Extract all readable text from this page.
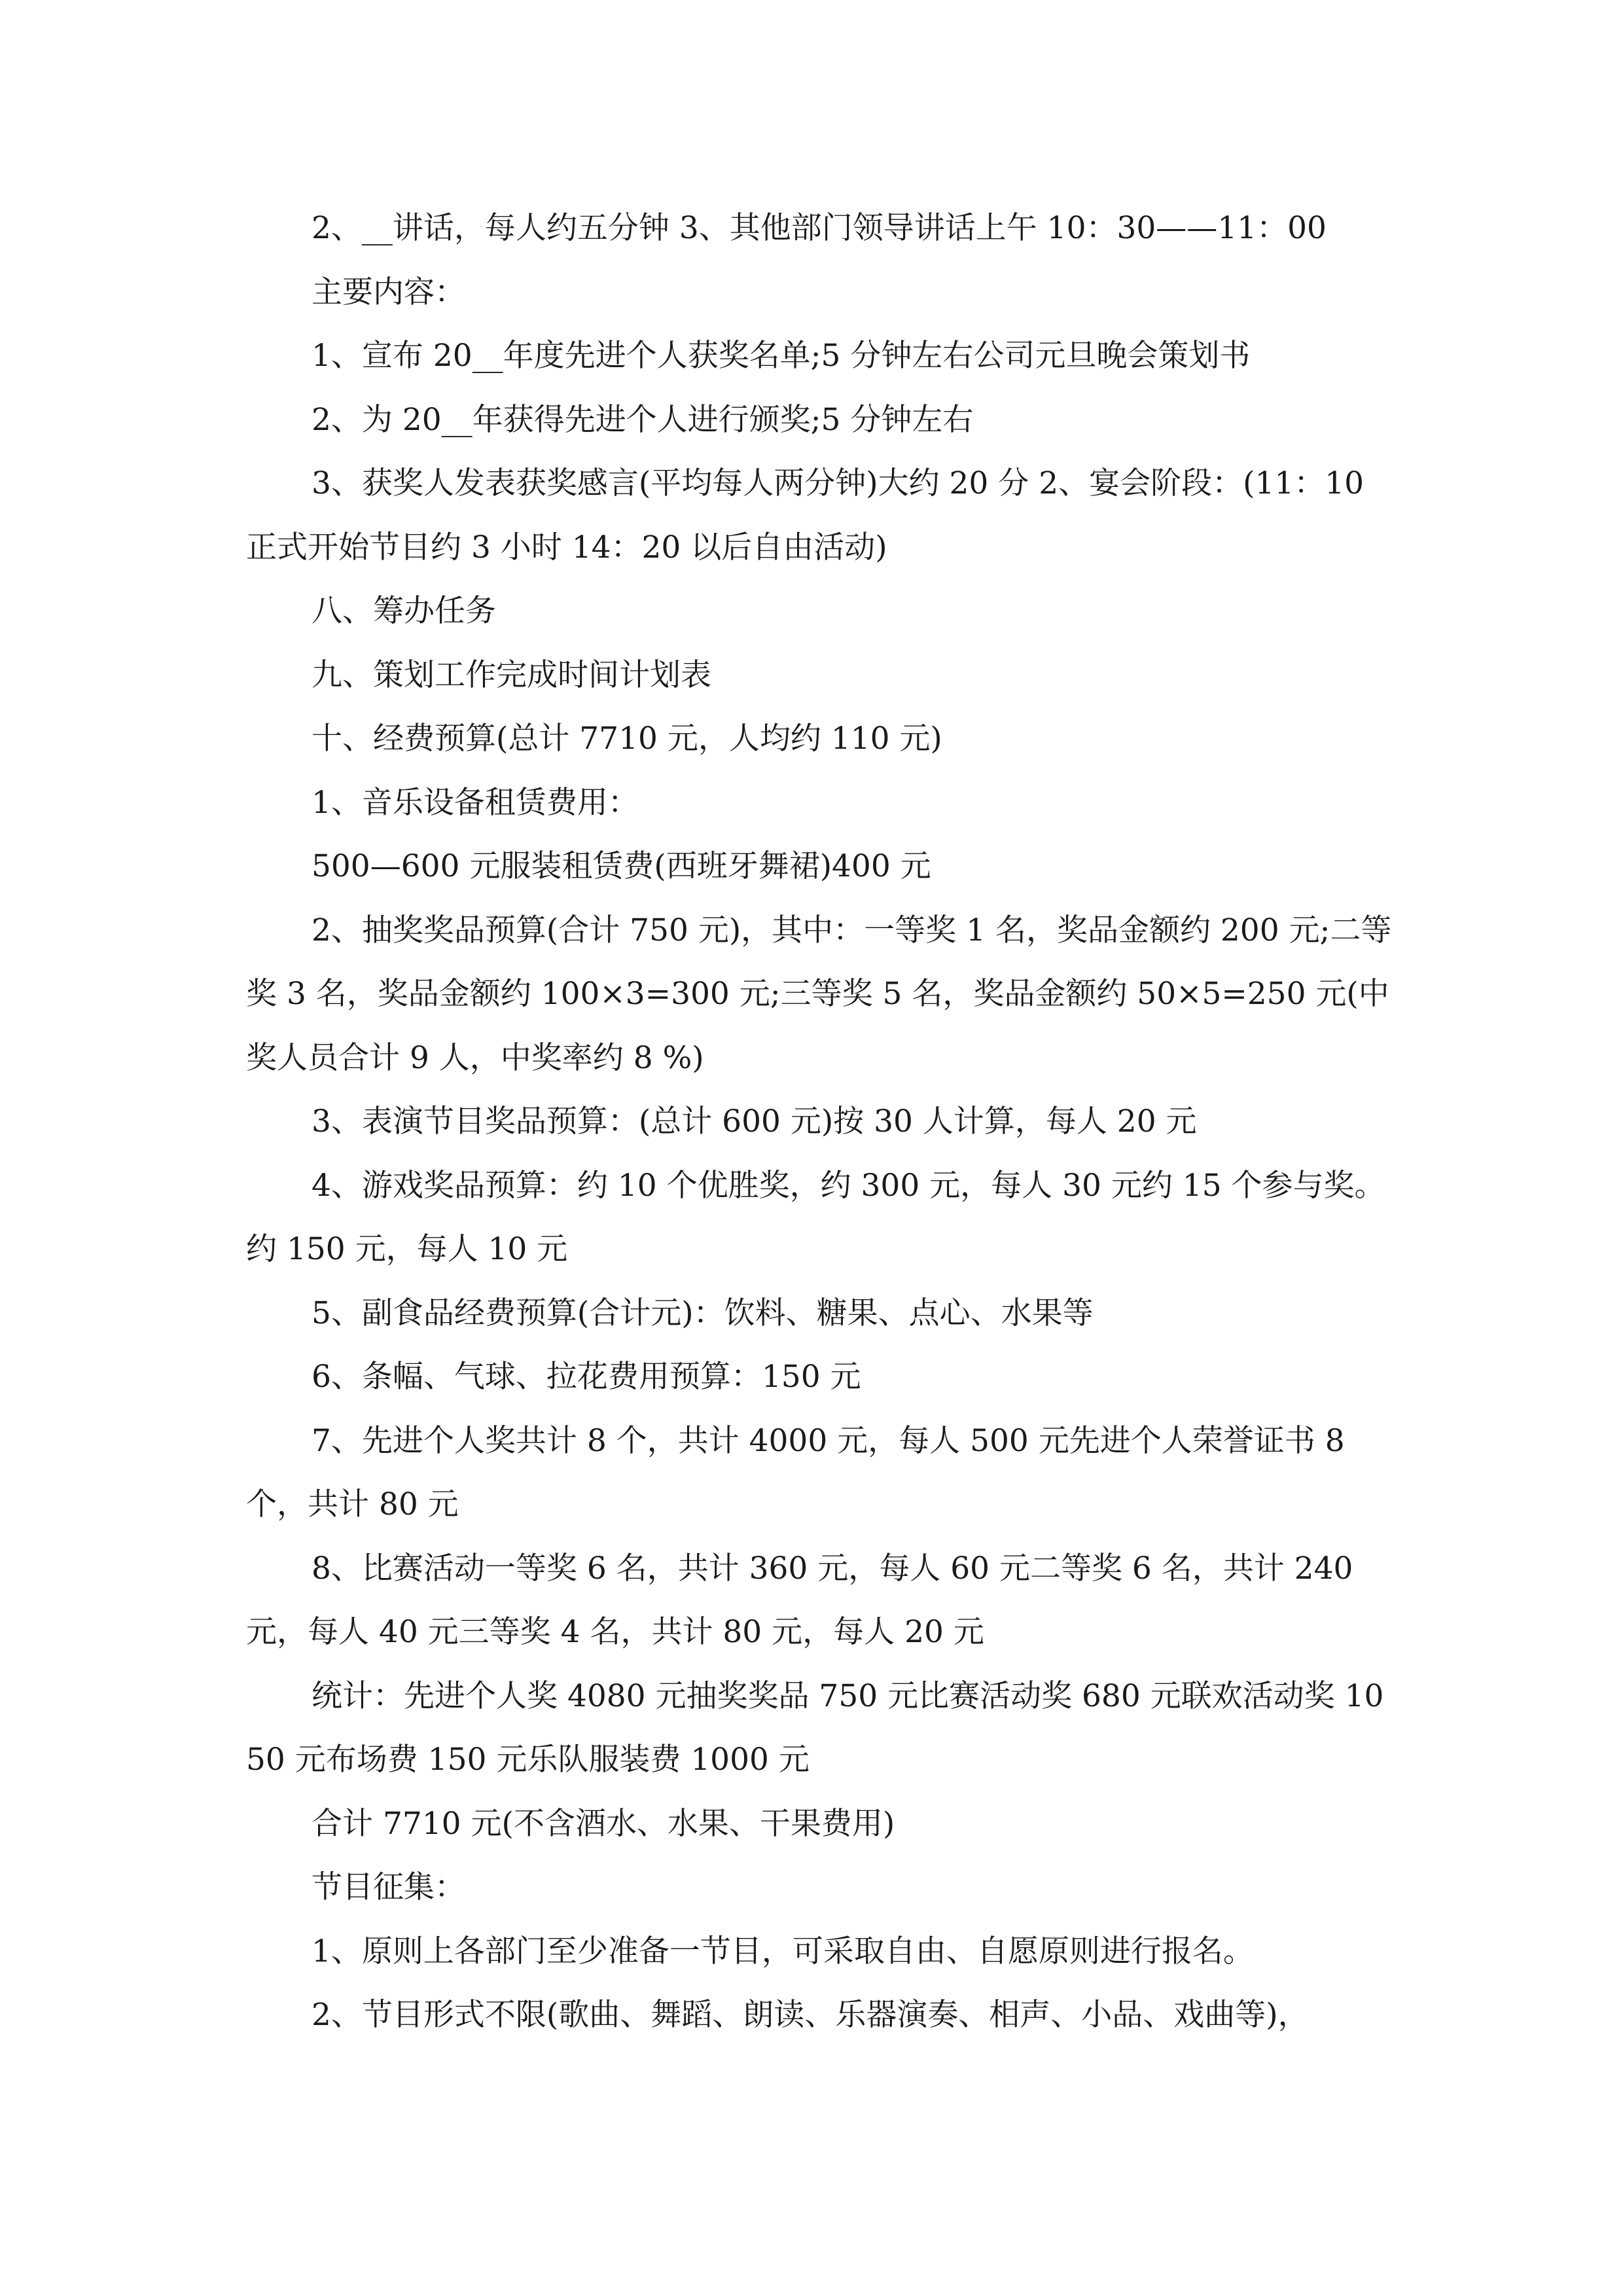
2、__讲话，每人约五分钟 3、其他部门领导讲话上午 10：30——11：00

主要内容：

1、宣布 20__年度先进个人获奖名单;5 分钟左右公司元旦晚会策划书

2、为 20__年获得先进个人进行颁奖;5 分钟左右

3、获奖人发表获奖感言(平均每人两分钟)大约 20 分 2、宴会阶段：(11：10 正式开始节目约 3 小时 14：20 以后自由活动)

八、筹办任务

九、策划工作完成时间计划表

十、经费预算(总计 7710 元，人均约 110 元)

1、音乐设备租赁费用：

500—600 元服装租赁费(西班牙舞裙)400 元

2、抽奖奖品预算(合计 750 元)，其中：一等奖 1 名，奖品金额约 200 元;二等奖 3 名，奖品金额约 100×3=300 元;三等奖 5 名，奖品金额约 50×5=250 元(中奖人员合计 9 人，中奖率约 8 %)

3、表演节目奖品预算：(总计 600 元)按 30 人计算，每人 20 元

4、游戏奖品预算：约 10 个优胜奖，约 300 元，每人 30 元约 15 个参与奖。约 150 元，每人 10 元

5、副食品经费预算(合计元)：饮料、糖果、点心、水果等

6、条幅、气球、拉花费用预算：150 元

7、先进个人奖共计 8 个，共计 4000 元，每人 500 元先进个人荣誉证书 8 个，共计 80 元

8、比赛活动一等奖 6 名，共计 360 元，每人 60 元二等奖 6 名，共计 240 元，每人 40 元三等奖 4 名，共计 80 元，每人 20 元

统计：先进个人奖 4080 元抽奖奖品 750 元比赛活动奖 680 元联欢活动奖 1050 元布场费 150 元乐队服装费 1000 元

合计 7710 元(不含酒水、水果、干果费用)

节目征集：

1、原则上各部门至少准备一节目，可采取自由、自愿原则进行报名。

2、节目形式不限(歌曲、舞蹈、朗读、乐器演奏、相声、小品、戏曲等)，
